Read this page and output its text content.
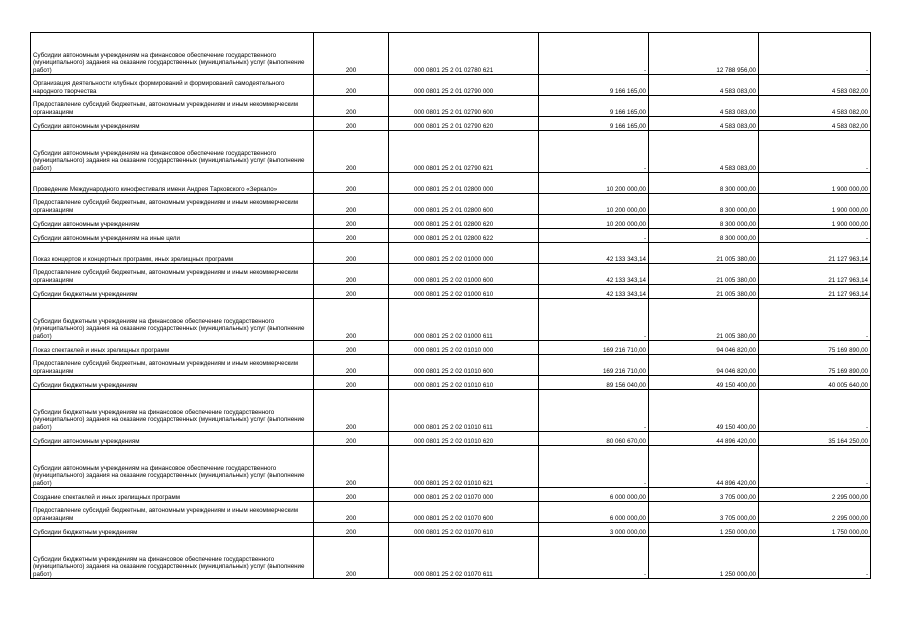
Субсидии автономным учреждениям на финансовое обеспечение государственного (муниципального) задания на оказание государственных (муниципальных) услуг (выполнение работ)	200	000 0801 25 2 01 02780 621	-	12 788 956,00	-
Организация деятельности клубных формирований и формирований самодеятельного народного творчества	200	000 0801 25 2 01 02790 000	9 166 165,00	4 583 083,00	4 583 082,00
Предоставление субсидий бюджетным, автономным учреждениям и иным некоммерческим организациям	200	000 0801 25 2 01 02790 600	9 166 165,00	4 583 083,00	4 583 082,00
Субсидии автономным учреждениям	200	000 0801 25 2 01 02790 620	9 166 165,00	4 583 083,00	4 583 082,00
Субсидии автономным учреждениям на финансовое обеспечение государственного (муниципального) задания на оказание государственных (муниципальных) услуг (выполнение работ)	200	000 0801 25 2 01 02790 621	-	4 583 083,00	-
Проведение Международного кинофестиваля имени Андрея Тарковского «Зеркало»	200	000 0801 25 2 01 02800 000	10 200 000,00	8 300 000,00	1 900 000,00
Предоставление субсидий бюджетным, автономным учреждениям и иным некоммерческим организациям	200	000 0801 25 2 01 02800 600	10 200 000,00	8 300 000,00	1 900 000,00
Субсидии автономным учреждениям	200	000 0801 25 2 01 02800 620	10 200 000,00	8 300 000,00	1 900 000,00
Субсидии автономным учреждениям на иные цели	200	000 0801 25 2 01 02800 622	-	8 300 000,00	-
Показ концертов и концертных программ, иных зрелищных программ	200	000 0801 25 2 02 01000 000	42 133 343,14	21 005 380,00	21 127 963,14
Предоставление субсидий бюджетным, автономным учреждениям и иным некоммерческим организациям	200	000 0801 25 2 02 01000 600	42 133 343,14	21 005 380,00	21 127 963,14
Субсидии бюджетным учреждениям	200	000 0801 25 2 02 01000 610	42 133 343,14	21 005 380,00	21 127 963,14
Субсидии бюджетным учреждениям на финансовое обеспечение государственного (муниципального) задания на оказание государственных (муниципальных) услуг (выполнение работ)	200	000 0801 25 2 02 01000 611	-	21 005 380,00	-
Показ спектаклей и иных зрелищных программ	200	000 0801 25 2 02 01010 000	169 216 710,00	94 046 820,00	75 169 890,00
Предоставление субсидий бюджетным, автономным учреждениям и иным некоммерческим организациям	200	000 0801 25 2 02 01010 600	169 216 710,00	94 046 820,00	75 169 890,00
Субсидии бюджетным учреждениям	200	000 0801 25 2 02 01010 610	89 156 040,00	49 150 400,00	40 005 640,00
Субсидии бюджетным учреждениям на финансовое обеспечение государственного (муниципального) задания на оказание государственных (муниципальных) услуг (выполнение работ)	200	000 0801 25 2 02 01010 611	-	49 150 400,00	-
Субсидии автономным учреждениям	200	000 0801 25 2 02 01010 620	80 060 670,00	44 896 420,00	35 164 250,00
Субсидии автономным учреждениям на финансовое обеспечение государственного (муниципального) задания на оказание государственных (муниципальных) услуг (выполнение работ)	200	000 0801 25 2 02 01010 621	-	44 896 420,00	-
Создание спектаклей и иных зрелищных программ	200	000 0801 25 2 02 01070 000	6 000 000,00	3 705 000,00	2 295 000,00
Предоставление субсидий бюджетным, автономным учреждениям и иным некоммерческим организациям	200	000 0801 25 2 02 01070 600	6 000 000,00	3 705 000,00	2 295 000,00
Субсидии бюджетным учреждениям	200	000 0801 25 2 02 01070 610	3 000 000,00	1 250 000,00	1 750 000,00
Субсидии бюджетным учреждениям на финансовое обеспечение государственного (муниципального) задания на оказание государственных (муниципальных) услуг (выполнение работ)	200	000 0801 25 2 02 01070 611	-	1 250 000,00	-
